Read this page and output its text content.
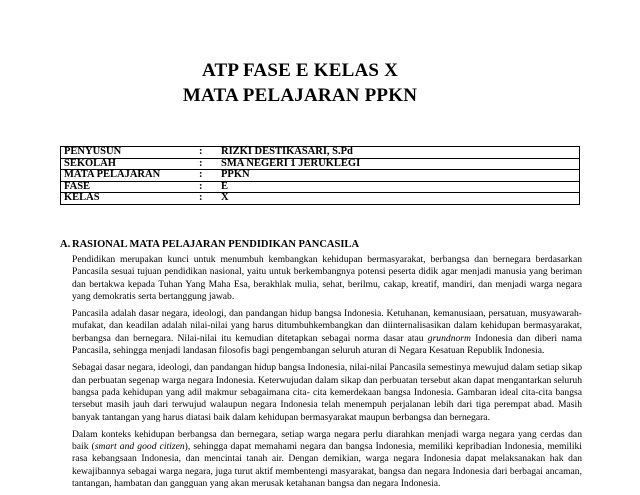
ATP FASE E KELAS X
MATA PELAJARAN PPKN
PENYUSUN	:	RIZKI DESTIKASARI, S.Pd
SEKOLAH	:	SMA NEGERI 1 JERUKLEGI
MATA PELAJARAN	:	PPKN
FASE	:	E
KELAS	:	X
A. RASIONAL MATA PELAJARAN PENDIDIKAN PANCASILA

Pendidikan merupakan kunci untuk menumbuh kembangkan kehidupan bermasyarakat, berbangsa dan bernegara berdasarkan Pancasila sesuai tujuan pendidikan nasional, yaitu untuk berkembangnya potensi peserta didik agar menjadi manusia yang beriman dan bertakwa kepada Tuhan Yang Maha Esa, berakhlak mulia, sehat, berilmu, cakap, kreatif, mandiri, dan menjadi warga negara yang demokratis serta bertanggung jawab.

Pancasila adalah dasar negara, ideologi, dan pandangan hidup bangsa Indonesia. Ketuhanan, kemanusiaan, persatuan, musyawarah-mufakat, dan keadilan adalah nilai-nilai yang harus ditumbuhkembangkan dan diinternalisasikan dalam kehidupan bermasyarakat, berbangsa dan bernegara. Nilai-nilai itu kemudian ditetapkan sebagai norma dasar atau grundnorm Indonesia dan diberi nama Pancasila, sehingga menjadi landasan filosofis bagi pengembangan seluruh aturan di Negara Kesatuan Republik Indonesia.

Sebagai dasar negara, ideologi, dan pandangan hidup bangsa Indonesia, nilai-nilai Pancasila semestinya mewujud dalam setiap sikap dan perbuatan segenap warga negara Indonesia. Keterwujudan dalam sikap dan perbuatan tersebut akan dapat mengantarkan seluruh bangsa pada kehidupan yang adil makmur sebagaimana cita- cita kemerdekaan bangsa Indonesia. Gambaran ideal cita-cita bangsa tersebut masih jauh dari terwujud walaupun negara Indonesia telah menempuh perjalanan lebih dari tiga perempat abad. Masih banyak tantangan yang harus diatasi baik dalam kehidupan bermasyarakat maupun berbangsa dan bernegara.

Dalam konteks kehidupan berbangsa dan bernegara, setiap warga negara perlu diarahkan menjadi warga negara yang cerdas dan baik (smart and good citizen), sehingga dapat memahami negara dan bangsa Indonesia, memiliki kepribadian Indonesia, memiliki rasa kebangsaan Indonesia, dan mencintai tanah air. Dengan demikian, warga negara Indonesia dapat melaksanakan hak dan kewajibannya sebagai warga negara, juga turut aktif membentengi masyarakat, bangsa dan negara Indonesia dari berbagai ancaman, tantangan, hambatan dan gangguan yang akan merusak ketahanan bangsa dan negara Indonesia.
